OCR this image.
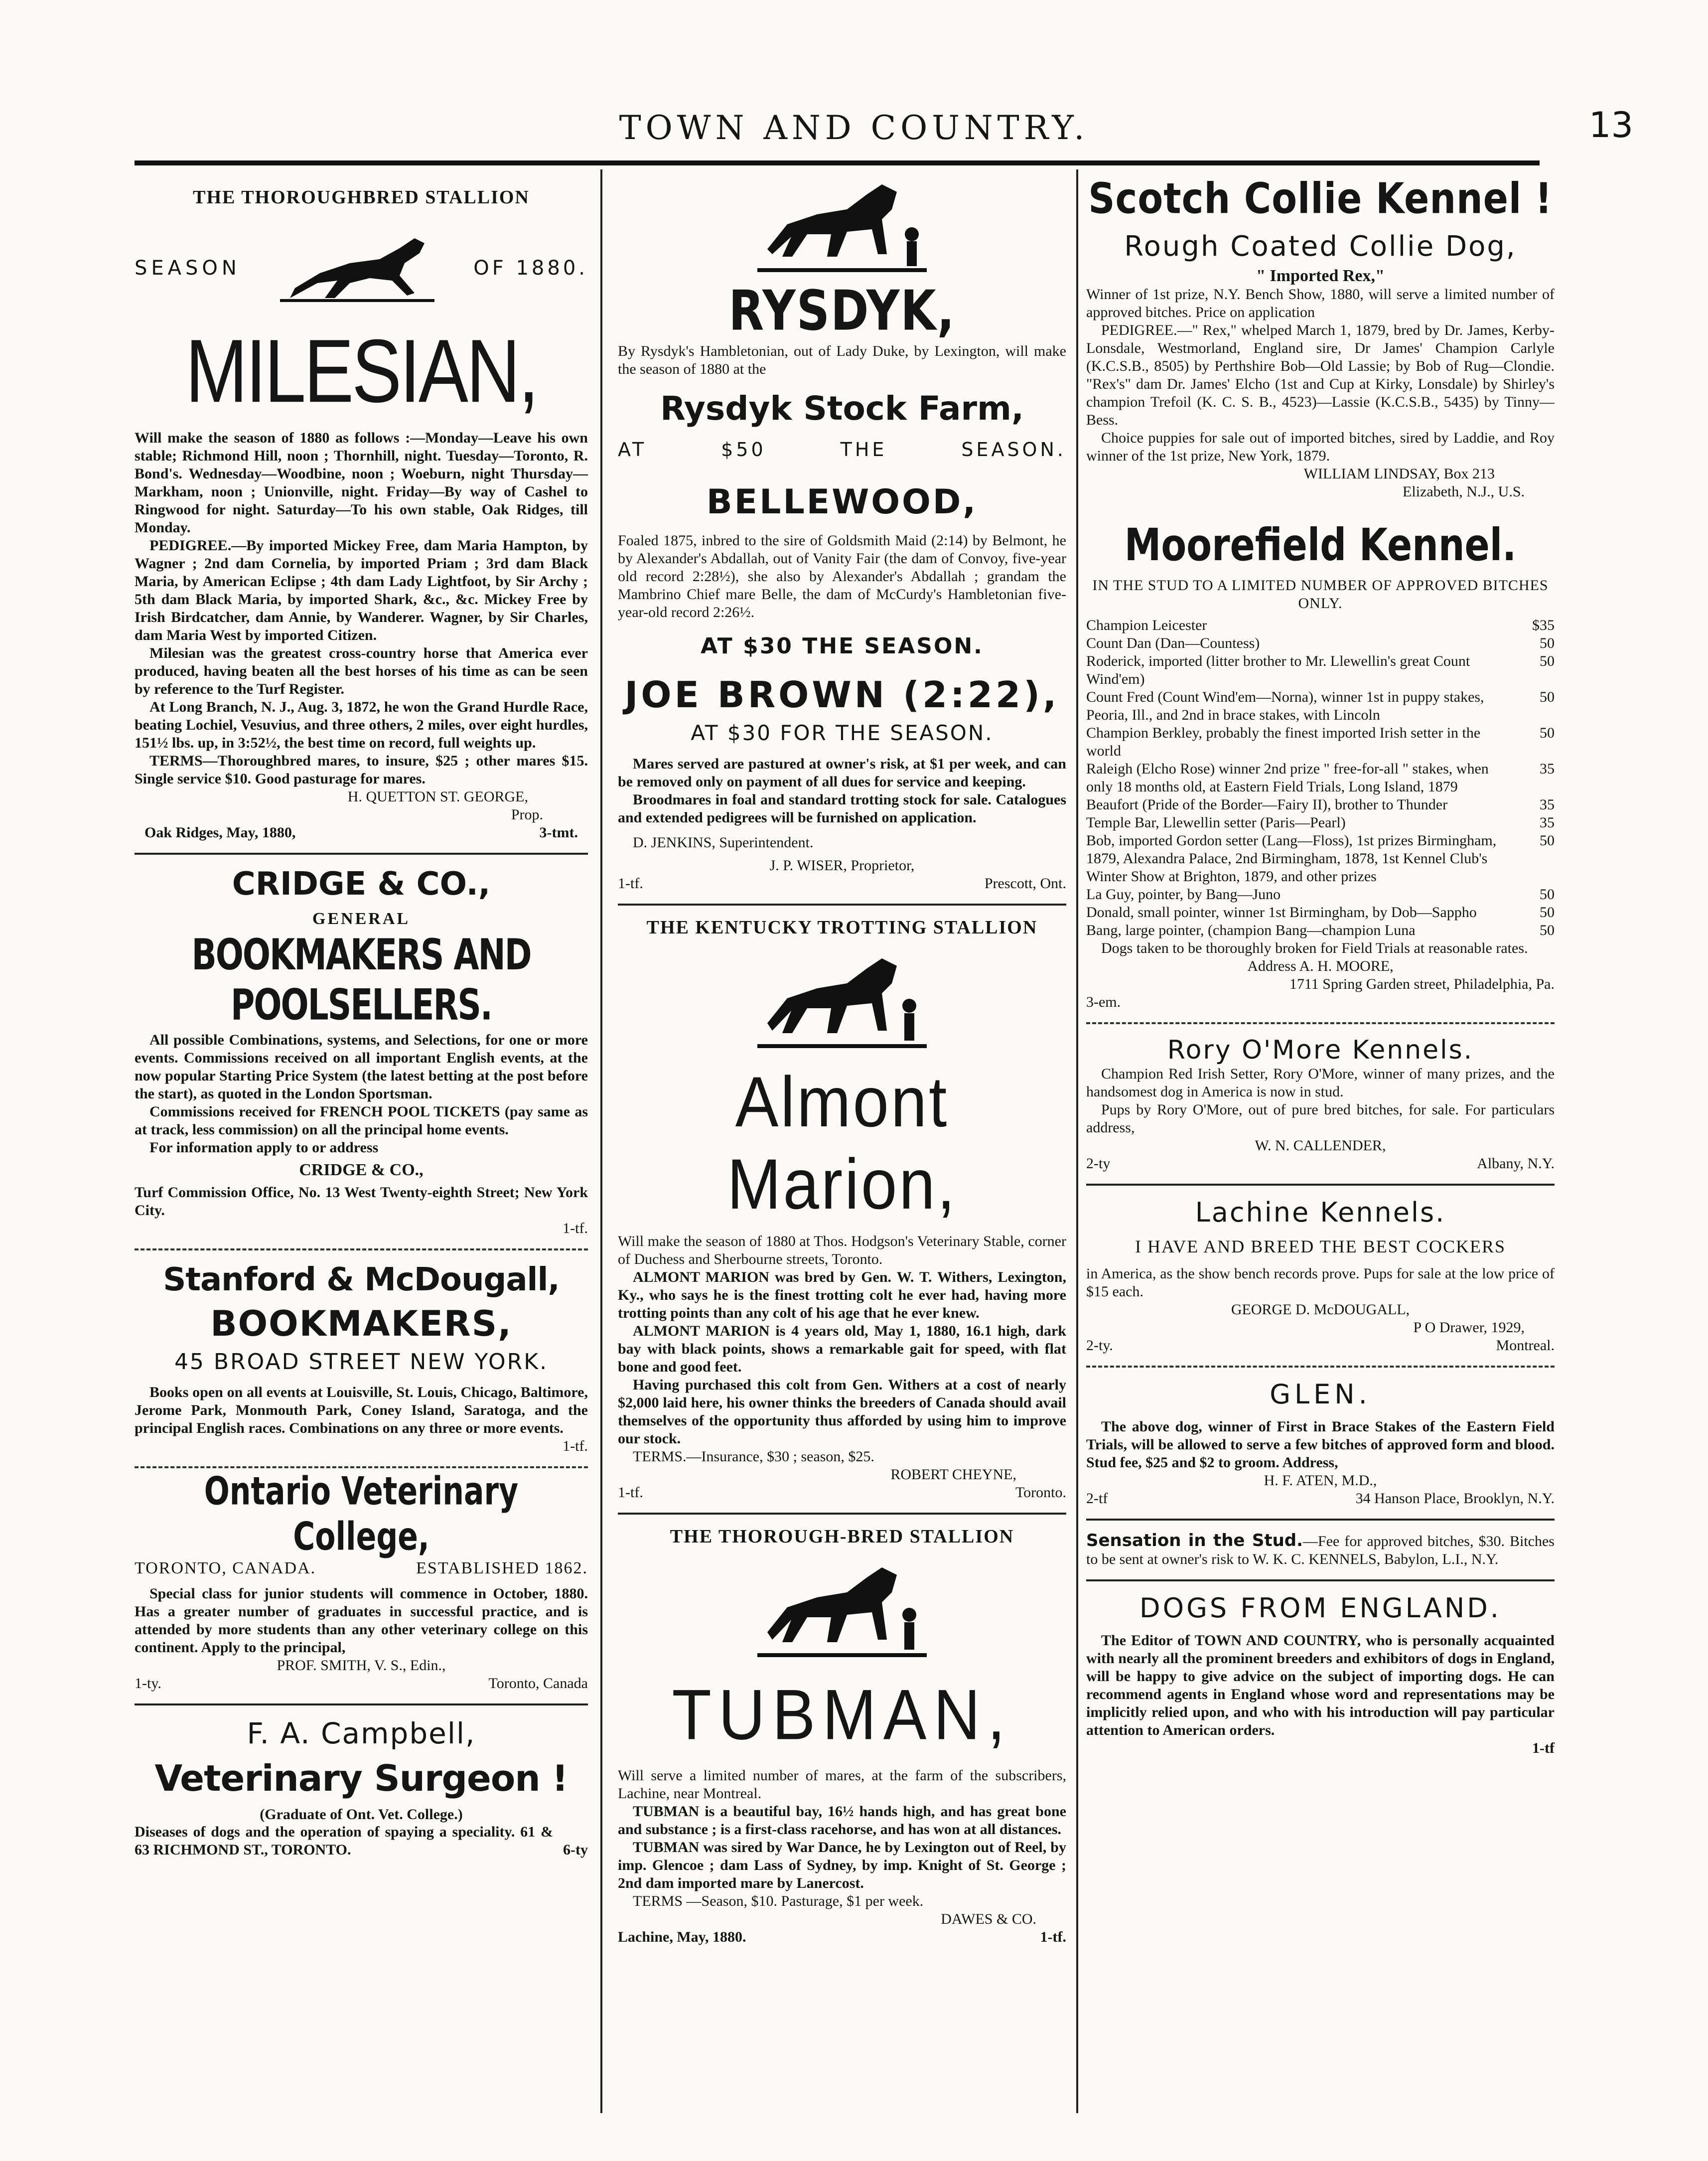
TOWN AND COUNTRY.	13

THE THOROUGHBRED STALLION

SEASON	OF 1880.

MILESIAN,

Will make the season of 1880 as follows :—Monday—Leave his own stable; Richmond Hill, noon ; Thornhill, night. Tuesday—Toronto, R. Bond's. Wednesday—Woodbine, noon ; Woeburn, night Thursday—Markham, noon ; Unionville, night. Friday—By way of Cashel to Ringwood for night. Saturday—To his own stable, Oak Ridges, till Monday.

PEDIGREE.—By imported Mickey Free, dam Maria Hampton, by Wagner ; 2nd dam Cornelia, by imported Priam ; 3rd dam Black Maria, by American Eclipse ; 4th dam Lady Lightfoot, by Sir Archy ; 5th dam Black Maria, by imported Shark, &c., &c. Mickey Free by Irish Birdcatcher, dam Annie, by Wanderer. Wagner, by Sir Charles, dam Maria West by imported Citizen.

Milesian was the greatest cross-country horse that America ever produced, having beaten all the best horses of his time as can be seen by reference to the Turf Register.

At Long Branch, N. J., Aug. 3, 1872, he won the Grand Hurdle Race, beating Lochiel, Vesuvius, and three others, 2 miles, over eight hurdles, 151½ lbs. up, in 3:52½, the best time on record, full weights up.

TERMS—Thoroughbred mares, to insure, $25 ; other mares $15. Single service $10. Good pasturage for mares.

H. QUETTON ST. GEORGE,

Prop.

Oak Ridges, May, 1880,	3-tmt.

CRIDGE & CO.,

GENERAL

BOOKMAKERS AND POOLSELLERS.

All possible Combinations, systems, and Selections, for one or more events. Commissions received on all important English events, at the now popular Starting Price System (the latest betting at the post before the start), as quoted in the London Sportsman.

Commissions received for FRENCH POOL TICKETS (pay same as at track, less commission) on all the principal home events.

For information apply to or address

CRIDGE & CO.,

Turf Commission Office, No. 13 West Twenty-eighth Street; New York City.

1-tf.

Stanford & McDougall,

BOOKMAKERS,

45 BROAD STREET NEW YORK.

Books open on all events at Louisville, St. Louis, Chicago, Baltimore, Jerome Park, Monmouth Park, Coney Island, Saratoga, and the principal English races. Combinations on any three or more events.

1-tf.

Ontario Veterinary College,

TORONTO, CANADA.	ESTABLISHED 1862.

Special class for junior students will commence in October, 1880. Has a greater number of graduates in successful practice, and is attended by more students than any other veterinary college on this continent. Apply to the principal,

PROF. SMITH, V. S., Edin.,

1-ty.	Toronto, Canada

F. A. Campbell,

Veterinary Surgeon !

(Graduate of Ont. Vet. College.)

Diseases of dogs and the operation of spaying a speciality. 61 & 63 RICHMOND ST., TORONTO.	6-ty

RYSDYK,

By Rysdyk's Hambletonian, out of Lady Duke, by Lexington, will make the season of 1880 at the

Rysdyk Stock Farm,

AT	$50	THE	SEASON.

BELLEWOOD,

Foaled 1875, inbred to the sire of Goldsmith Maid (2:14) by Belmont, he by Alexander's Abdallah, out of Vanity Fair (the dam of Convoy, five-year old record 2:28½), she also by Alexander's Abdallah ; grandam the Mambrino Chief mare Belle, the dam of McCurdy's Hambletonian five-year-old record 2:26½.

AT $30 THE SEASON.

JOE BROWN (2:22),

AT $30 FOR THE SEASON.

Mares served are pastured at owner's risk, at $1 per week, and can be removed only on payment of all dues for service and keeping.

Broodmares in foal and standard trotting stock for sale. Catalogues and extended pedigrees will be furnished on application.

D. JENKINS, Superintendent.

J. P. WISER, Proprietor,

1-tf.	Prescott, Ont.

THE KENTUCKY TROTTING STALLION

Almont Marion,

Will make the season of 1880 at Thos. Hodgson's Veterinary Stable, corner of Duchess and Sherbourne streets, Toronto.

ALMONT MARION was bred by Gen. W. T. Withers, Lexington, Ky., who says he is the finest trotting colt he ever had, having more trotting points than any colt of his age that he ever knew.

ALMONT MARION is 4 years old, May 1, 1880, 16.1 high, dark bay with black points, shows a remarkable gait for speed, with flat bone and good feet.

Having purchased this colt from Gen. Withers at a cost of nearly $2,000 laid here, his owner thinks the breeders of Canada should avail themselves of the opportunity thus afforded by using him to improve our stock.

TERMS.—Insurance, $30 ; season, $25.

ROBERT CHEYNE,

1-tf.	Toronto.

THE THOROUGH-BRED STALLION

TUBMAN,

Will serve a limited number of mares, at the farm of the subscribers, Lachine, near Montreal.

TUBMAN is a beautiful bay, 16½ hands high, and has great bone and substance ; is a first-class racehorse, and has won at all distances.

TUBMAN was sired by War Dance, he by Lexington out of Reel, by imp. Glencoe ; dam Lass of Sydney, by imp. Knight of St. George ; 2nd dam imported mare by Lanercost.

TERMS —Season, $10. Pasturage, $1 per week.

DAWES & CO.

Lachine, May, 1880.	1-tf.

Scotch Collie Kennel !

Rough Coated Collie Dog,

" Imported Rex,"

Winner of 1st prize, N.Y. Bench Show, 1880, will serve a limited number of approved bitches. Price on application

PEDIGREE.—" Rex," whelped March 1, 1879, bred by Dr. James, Kerby-Lonsdale, Westmorland, England sire, Dr James' Champion Carlyle (K.C.S.B., 8505) by Perthshire Bob—Old Lassie; by Bob of Rug—Clondie. "Rex's" dam Dr. James' Elcho (1st and Cup at Kirky, Lonsdale) by Shirley's champion Trefoil (K. C. S. B., 4523)—Lassie (K.C.S.B., 5435) by Tinny—Bess.

Choice puppies for sale out of imported bitches, sired by Laddie, and Roy winner of the 1st prize, New York, 1879.

WILLIAM LINDSAY, Box 213

Elizabeth, N.J., U.S.

Moorefield Kennel.

IN THE STUD TO A LIMITED NUMBER OF APPROVED BITCHES ONLY.

Champion Leicester	$35
Count Dan (Dan—Countess)	50
Roderick, imported (litter brother to Mr. Llewellin's great Count Wind'em)
50
Count Fred (Count Wind'em—Norna), winner 1st in puppy stakes, Peoria, Ill., and 2nd in brace stakes, with Lincoln
50
Champion Berkley, probably the finest imported Irish setter in the world
50
Raleigh (Elcho Rose) winner 2nd prize " free-for-all " stakes, when only 18 months old, at Eastern Field Trials, Long Island, 1879
35
Beaufort (Pride of the Border—Fairy II), brother to Thunder	35
Temple Bar, Llewellin setter (Paris—Pearl)	35
Bob, imported Gordon setter (Lang—Floss), 1st prizes Birmingham, 1879, Alexandra Palace, 2nd Birmingham, 1878, 1st Kennel Club's Winter Show at Brighton, 1879, and other prizes
50
La Guy, pointer, by Bang—Juno	50
Donald, small pointer, winner 1st Birmingham, by Dob—Sappho	50
Bang, large pointer, (champion Bang—champion Luna	50

Dogs taken to be thoroughly broken for Field Trials at reasonable rates.

Address A. H. MOORE,

1711 Spring Garden street, Philadelphia, Pa.

3-em.

Rory O'More Kennels.

Champion Red Irish Setter, Rory O'More, winner of many prizes, and the handsomest dog in America is now in stud.

Pups by Rory O'More, out of pure bred bitches, for sale. For particulars address,

W. N. CALLENDER,

2-ty	Albany, N.Y.

Lachine Kennels.

I HAVE AND BREED THE BEST COCKERS

in America, as the show bench records prove. Pups for sale at the low price of $15 each.

GEORGE D. McDOUGALL,

P O Drawer, 1929,

2-ty.	Montreal.

GLEN.

The above dog, winner of First in Brace Stakes of the Eastern Field Trials, will be allowed to serve a few bitches of approved form and blood. Stud fee, $25 and $2 to groom. Address,

H. F. ATEN, M.D.,

2-tf	34 Hanson Place, Brooklyn, N.Y.

Sensation in the Stud.—Fee for approved bitches, $30. Bitches to be sent at owner's risk to W. K. C. KENNELS, Babylon, L.I., N.Y.

DOGS FROM ENGLAND.

The Editor of TOWN AND COUNTRY, who is personally acquainted with nearly all the prominent breeders and exhibitors of dogs in England, will be happy to give advice on the subject of importing dogs. He can recommend agents in England whose word and representations may be implicitly relied upon, and who with his introduction will pay particular attention to American orders.

1-tf
